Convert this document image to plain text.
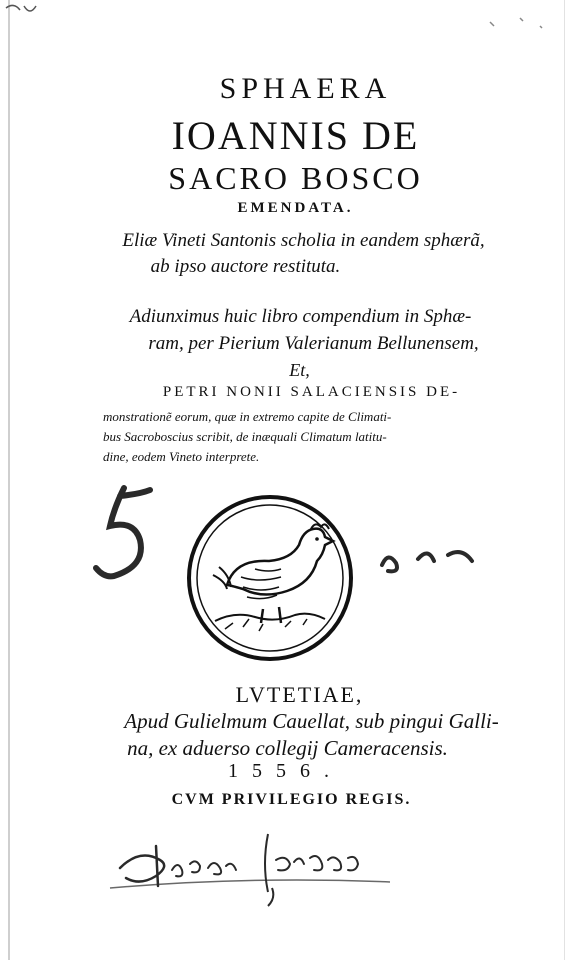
SPHAERA
IOANNIS DE
SACRO BOSCO
EMENDATA.
Eliæ Vineti Santonis scholia in eandem sphærã,
ab ipso auctore restituta.
Adiunximus huic libro compendium in Sphæ-
ram, per Pierium Valerianum Bellunensem,
Et,
PETRI NONII SALACIENSIS DE-
monstrationẽ eorum, quæ in extremo capite de Climati-
bus Sacroboscius scribit, de inæquali Climatum latitu-
dine, eodem Vineto interprete.
LVTETIAE,
Apud Gulielmum Cauellat, sub pingui Galli-
na, ex aduerso collegij Cameracensis.
1556.
CVM PRIVILEGIO REGIS.
